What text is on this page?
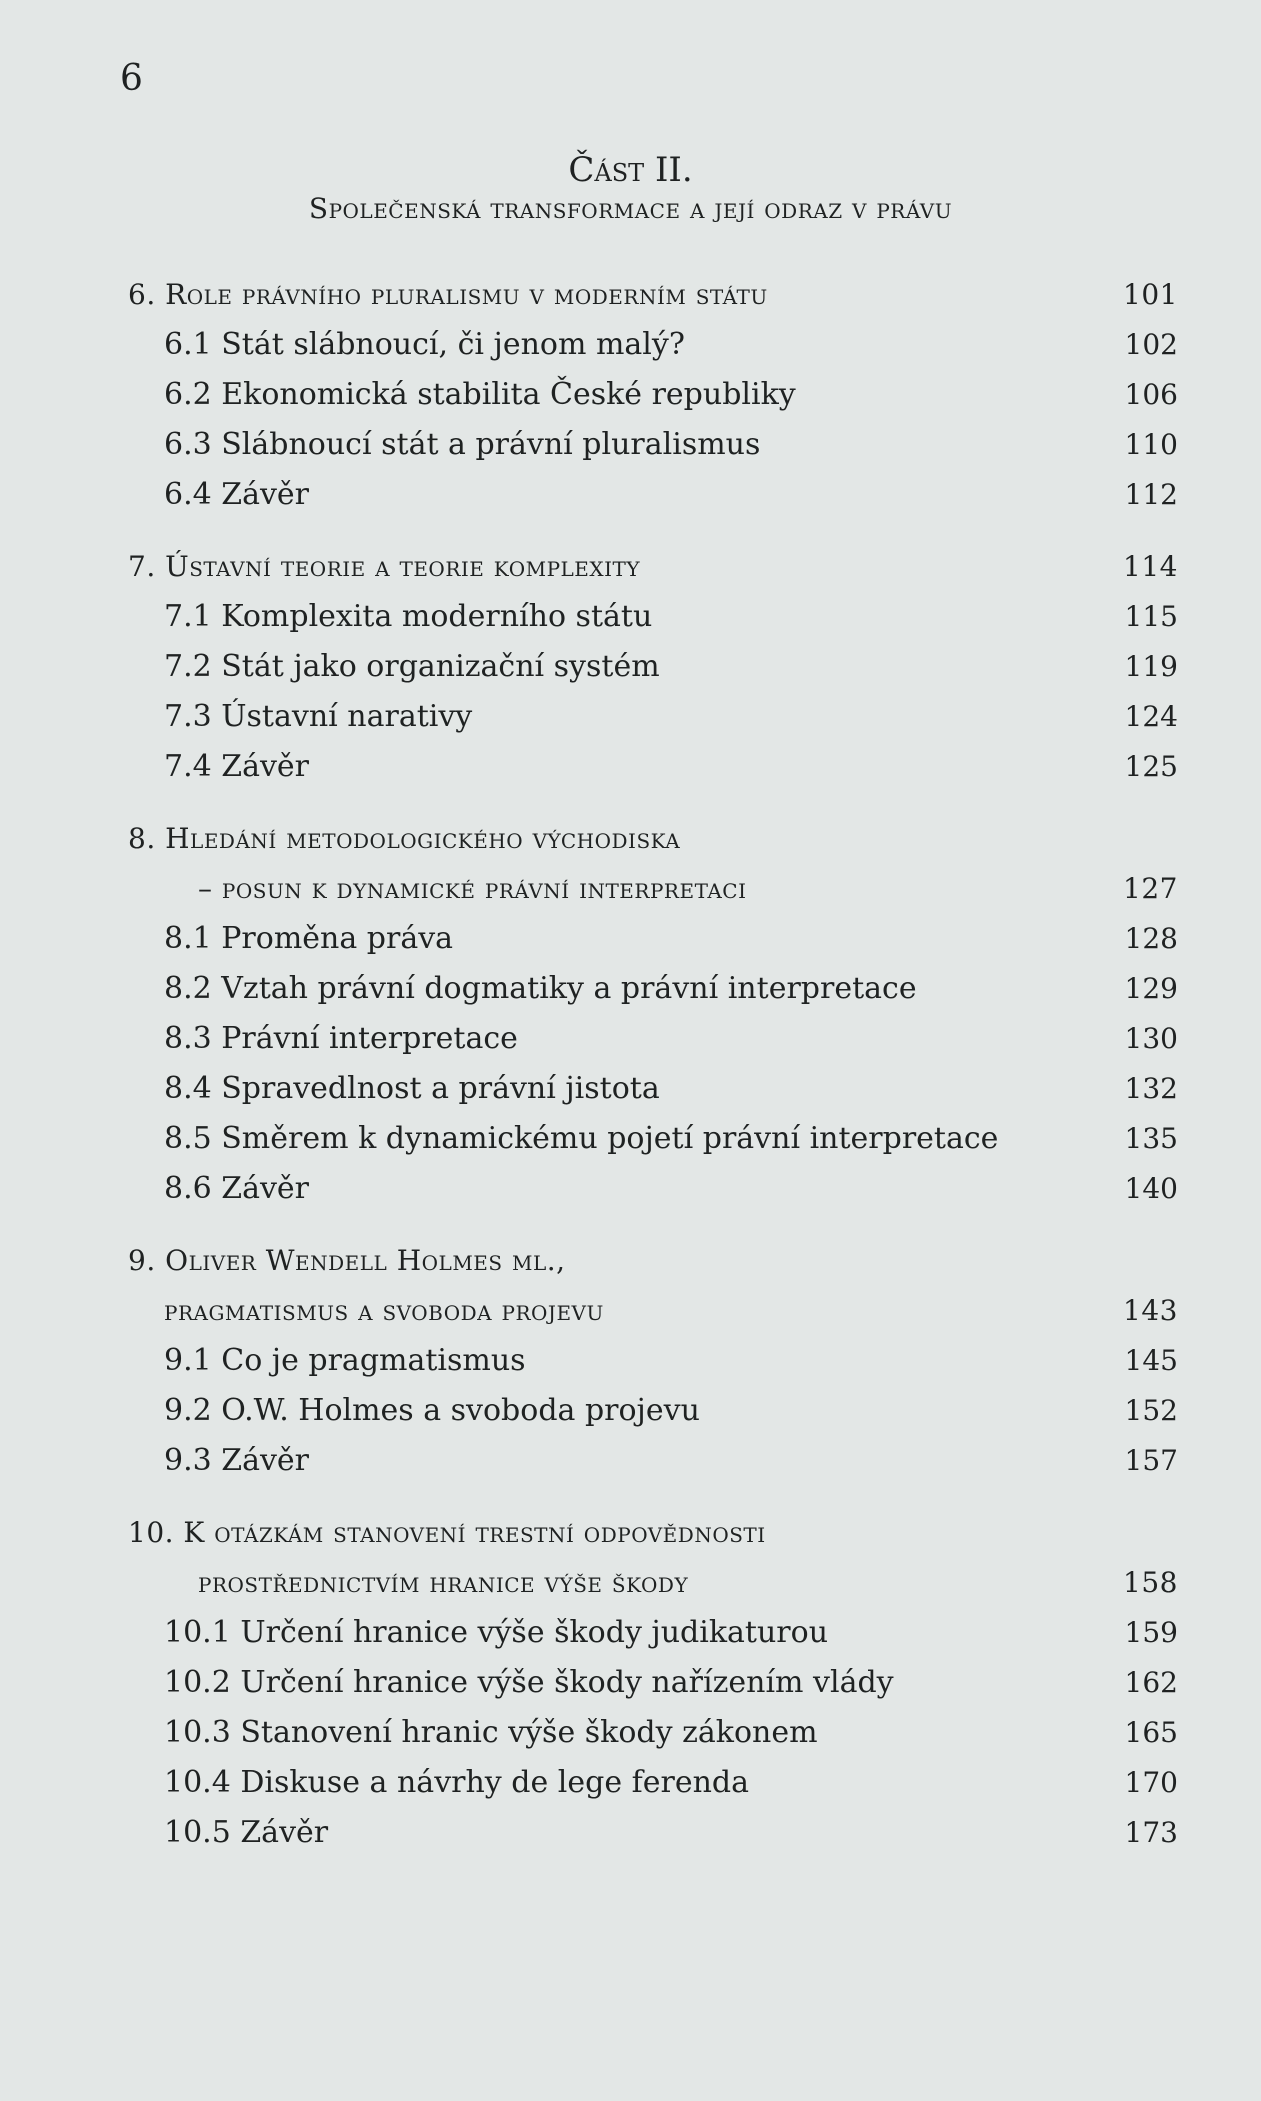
6
Část II.
Společenská transformace a její odraz v právu
6. Role právního pluralismu v moderním státu	101
6.1 Stát slábnoucí, či jenom malý?	102
6.2 Ekonomická stabilita České republiky	106
6.3 Slábnoucí stát a právní pluralismus	110
6.4 Závěr	112
7. Ústavní teorie a teorie komplexity	114
7.1 Komplexita moderního státu	115
7.2 Stát jako organizační systém	119
7.3 Ústavní narativy	124
7.4 Závěr	125
8. Hledání metodologického východiska
– posun k dynamické právní interpretaci	127
8.1 Proměna práva	128
8.2 Vztah právní dogmatiky a právní interpretace	129
8.3 Právní interpretace	130
8.4 Spravedlnost a právní jistota	132
8.5 Směrem k dynamickému pojetí právní interpretace	135
8.6 Závěr	140
9. Oliver Wendell Holmes ml.,
pragmatismus a svoboda projevu	143
9.1 Co je pragmatismus	145
9.2 O.W. Holmes a svoboda projevu	152
9.3 Závěr	157
10. K otázkám stanovení trestní odpovědnosti
prostřednictvím hranice výše škody	158
10.1 Určení hranice výše škody judikaturou	159
10.2 Určení hranice výše škody nařízením vlády	162
10.3 Stanovení hranic výše škody zákonem	165
10.4 Diskuse a návrhy de lege ferenda	170
10.5 Závěr	173
